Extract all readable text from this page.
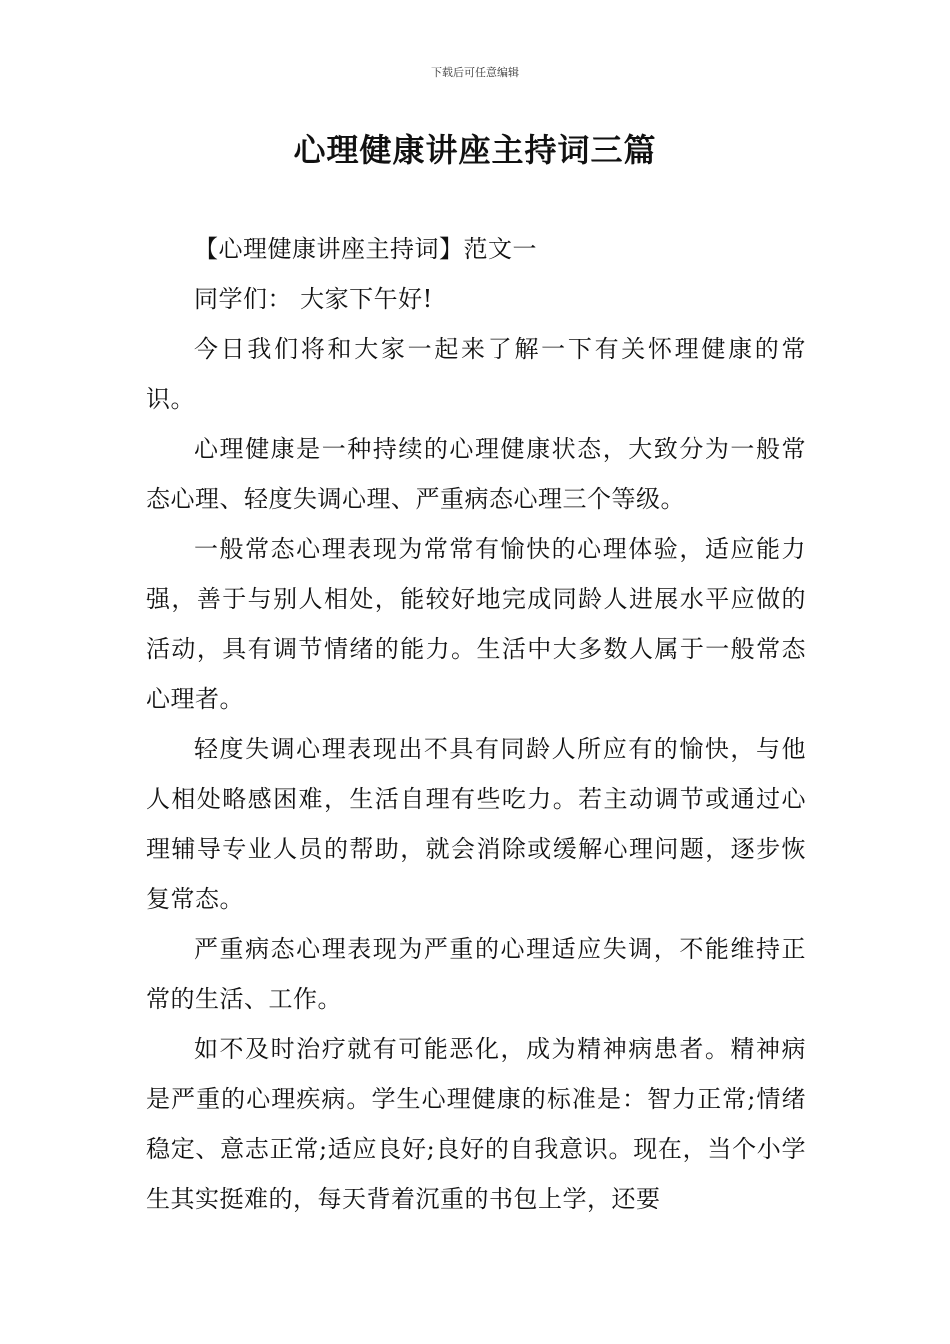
下载后可任意编辑
心理健康讲座主持词三篇

【心理健康讲座主持词】范文一

同学们： 大家下午好!

今日我们将和大家一起来了解一下有关怀理健康的常识。

心理健康是一种持续的心理健康状态，大致分为一般常态心理、轻度失调心理、严重病态心理三个等级。

一般常态心理表现为常常有愉快的心理体验，适应能力强，善于与别人相处，能较好地完成同龄人进展水平应做的活动，具有调节情绪的能力。生活中大多数人属于一般常态心理者。

轻度失调心理表现出不具有同龄人所应有的愉快，与他人相处略感困难，生活自理有些吃力。若主动调节或通过心理辅导专业人员的帮助，就会消除或缓解心理问题，逐步恢复常态。

严重病态心理表现为严重的心理适应失调，不能维持正常的生活、工作。

如不及时治疗就有可能恶化，成为精神病患者。精神病是严重的心理疾病。学生心理健康的标准是：智力正常;情绪稳定、意志正常;适应良好;良好的自我意识。现在，当个小学生其实挺难的，每天背着沉重的书包上学，还要
